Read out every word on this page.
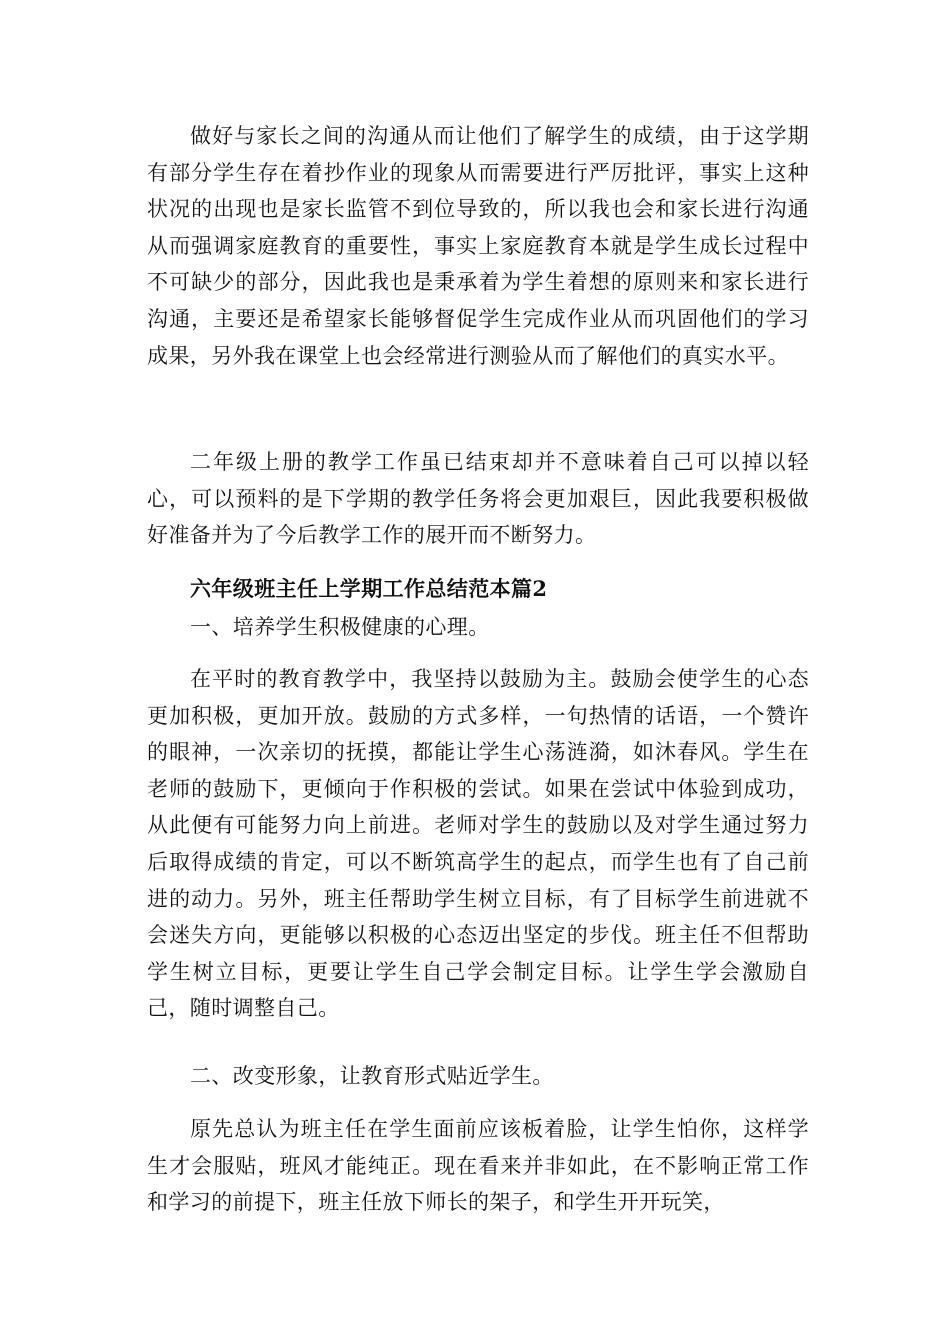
做好与家长之间的沟通从而让他们了解学生的成绩，由于这学期有部分学生存在着抄作业的现象从而需要进行严厉批评，事实上这种状况的出现也是家长监管不到位导致的，所以我也会和家长进行沟通从而强调家庭教育的重要性，事实上家庭教育本就是学生成长过程中不可缺少的部分，因此我也是秉承着为学生着想的原则来和家长进行沟通，主要还是希望家长能够督促学生完成作业从而巩固他们的学习成果，另外我在课堂上也会经常进行测验从而了解他们的真实水平。

二年级上册的教学工作虽已结束却并不意味着自己可以掉以轻心，可以预料的是下学期的教学任务将会更加艰巨，因此我要积极做好准备并为了今后教学工作的展开而不断努力。

六年级班主任上学期工作总结范本篇2

一、培养学生积极健康的心理。

在平时的教育教学中，我坚持以鼓励为主。鼓励会使学生的心态更加积极，更加开放。鼓励的方式多样，一句热情的话语，一个赞许的眼神，一次亲切的抚摸，都能让学生心荡涟漪，如沐春风。学生在老师的鼓励下，更倾向于作积极的尝试。如果在尝试中体验到成功，从此便有可能努力向上前进。老师对学生的鼓励以及对学生通过努力后取得成绩的肯定，可以不断筑高学生的起点，而学生也有了自己前进的动力。另外，班主任帮助学生树立目标，有了目标学生前进就不会迷失方向，更能够以积极的心态迈出坚定的步伐。班主任不但帮助学生树立目标，更要让学生自己学会制定目标。让学生学会激励自己，随时调整自己。

二、改变形象，让教育形式贴近学生。

原先总认为班主任在学生面前应该板着脸，让学生怕你，这样学生才会服贴，班风才能纯正。现在看来并非如此，在不影响正常工作和学习的前提下，班主任放下师长的架子，和学生开开玩笑，
